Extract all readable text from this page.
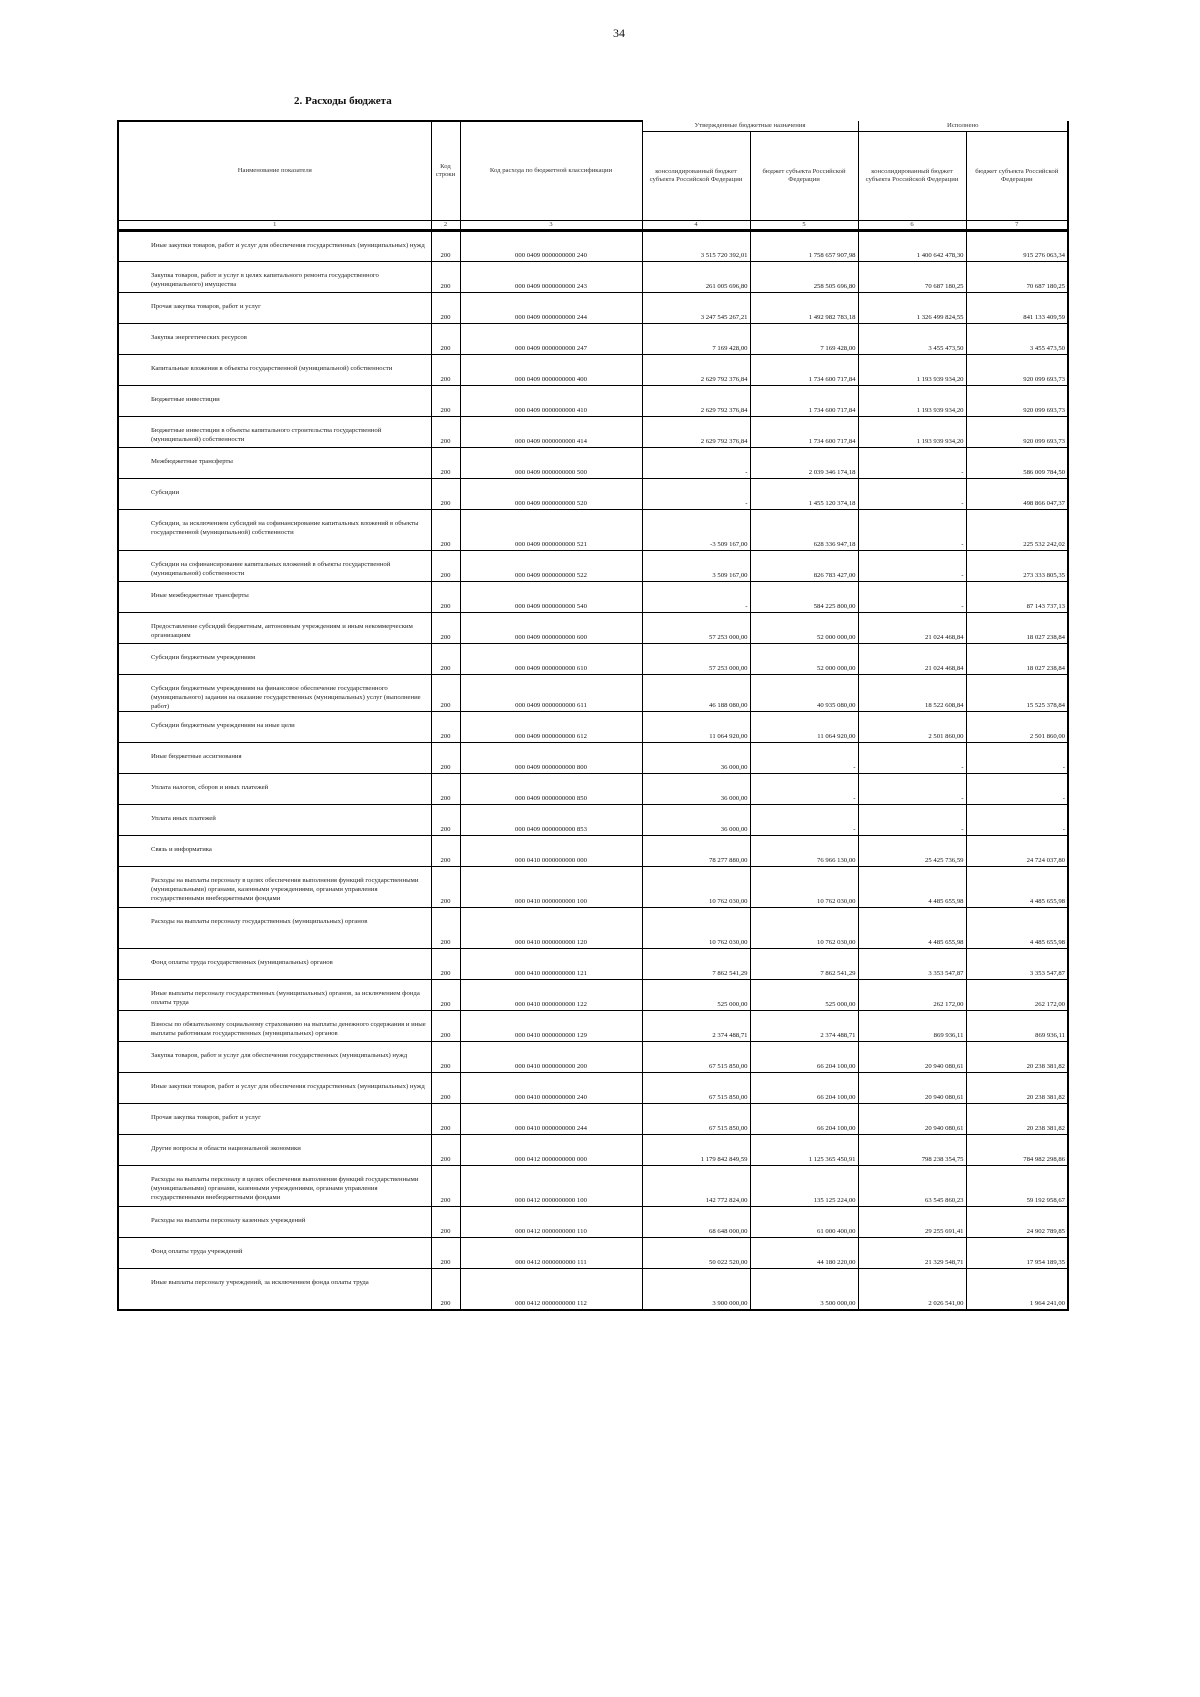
34
2. Расходы бюджета
Наименование показателя	Код строки	Код расхода по бюджетной классификации	Утвержденные бюджетные назначения		Исполнено	
			консолидированный бюджет субъекта Российской Федерации	бюджет субъекта Российской Федерации	консолидированный бюджет субъекта Российской Федерации	бюджет субъекта Российской Федерации
1	2	3	4	5	6	7
Иные закупки товаров, работ и услуг для обеспечения государственных (муниципальных) нужд	200	000 0409 0000000000 240	3 515 720 392,01	1 758 657 907,98	1 400 642 478,30	915 276 063,34
Закупка товаров, работ и услуг в целях капитального ремонта государственного (муниципального) имущества	200	000 0409 0000000000 243	261 005 696,80	258 505 696,80	70 687 180,25	70 687 180,25
Прочая закупка товаров, работ и услуг	200	000 0409 0000000000 244	3 247 545 267,21	1 492 982 783,18	1 326 499 824,55	841 133 409,59
Закупка энергетических ресурсов	200	000 0409 0000000000 247	7 169 428,00	7 169 428,00	3 455 473,50	3 455 473,50
Капитальные вложения в объекты государственной (муниципальной) собственности	200	000 0409 0000000000 400	2 629 792 376,84	1 734 600 717,84	1 193 939 934,20	920 099 693,73
Бюджетные инвестиции	200	000 0409 0000000000 410	2 629 792 376,84	1 734 600 717,84	1 193 939 934,20	920 099 693,73
Бюджетные инвестиции в объекты капитального строительства государственной (муниципальной) собственности	200	000 0409 0000000000 414	2 629 792 376,84	1 734 600 717,84	1 193 939 934,20	920 099 693,73
Межбюджетные трансферты	200	000 0409 0000000000 500	-	2 039 346 174,18	-	586 009 784,50
Субсидии	200	000 0409 0000000000 520	-	1 455 120 374,18	-	498 866 047,37
Субсидии, за исключением субсидий на софинансирование капитальных вложений в объекты государственной (муниципальной) собственности	200	000 0409 0000000000 521	-3 509 167,00	628 336 947,18	-	225 532 242,02
Субсидии на софинансирование капитальных вложений в объекты государственной (муниципальной) собственности	200	000 0409 0000000000 522	3 509 167,00	826 783 427,00	-	273 333 805,35
Иные межбюджетные трансферты	200	000 0409 0000000000 540	-	584 225 800,00	-	87 143 737,13
Предоставление субсидий бюджетным, автономным учреждениям и иным некоммерческим организациям	200	000 0409 0000000000 600	57 253 000,00	52 000 000,00	21 024 468,84	18 027 238,84
Субсидии бюджетным учреждениям	200	000 0409 0000000000 610	57 253 000,00	52 000 000,00	21 024 468,84	18 027 238,84
Субсидии бюджетным учреждениям на финансовое обеспечение государственного (муниципального) задания на оказание государственных (муниципальных) услуг (выполнение работ)	200	000 0409 0000000000 611	46 188 080,00	40 935 080,00	18 522 608,84	15 525 378,84
Субсидии бюджетным учреждениям на иные цели	200	000 0409 0000000000 612	11 064 920,00	11 064 920,00	2 501 860,00	2 501 860,00
Иные бюджетные ассигнования	200	000 0409 0000000000 800	36 000,00	-	-	-
Уплата налогов, сборов и иных платежей	200	000 0409 0000000000 850	36 000,00	-	-	-
Уплата иных платежей	200	000 0409 0000000000 853	36 000,00	-	-	-
Связь и информатика	200	000 0410 0000000000 000	78 277 880,00	76 966 130,00	25 425 736,59	24 724 037,80
Расходы на выплаты персоналу в целях обеспечения выполнения функций государственными (муниципальными) органами, казенными учреждениями, органами управления государственными внебюджетными фондами	200	000 0410 0000000000 100	10 762 030,00	10 762 030,00	4 485 655,98	4 485 655,98
Расходы на выплаты персоналу государственных (муниципальных) органов	200	000 0410 0000000000 120	10 762 030,00	10 762 030,00	4 485 655,98	4 485 655,98
Фонд оплаты труда государственных (муниципальных) органов	200	000 0410 0000000000 121	7 862 541,29	7 862 541,29	3 353 547,87	3 353 547,87
Иные выплаты персоналу государственных (муниципальных) органов, за исключением фонда оплаты труда	200	000 0410 0000000000 122	525 000,00	525 000,00	262 172,00	262 172,00
Взносы по обязательному социальному страхованию на выплаты денежного содержания и иные выплаты работникам государственных (муниципальных) органов	200	000 0410 0000000000 129	2 374 488,71	2 374 488,71	869 936,11	869 936,11
Закупка товаров, работ и услуг для обеспечения государственных (муниципальных) нужд	200	000 0410 0000000000 200	67 515 850,00	66 204 100,00	20 940 080,61	20 238 381,82
Иные закупки товаров, работ и услуг для обеспечения государственных (муниципальных) нужд	200	000 0410 0000000000 240	67 515 850,00	66 204 100,00	20 940 080,61	20 238 381,82
Прочая закупка товаров, работ и услуг	200	000 0410 0000000000 244	67 515 850,00	66 204 100,00	20 940 080,61	20 238 381,82
Другие вопросы в области национальной экономики	200	000 0412 0000000000 000	1 179 842 849,59	1 125 365 450,91	798 238 354,75	784 982 298,86
Расходы на выплаты персоналу в целях обеспечения выполнения функций государственными (муниципальными) органами, казенными учреждениями, органами управления государственными внебюджетными фондами	200	000 0412 0000000000 100	142 772 824,00	135 125 224,00	63 545 860,23	59 192 958,67
Расходы на выплаты персоналу казенных учреждений	200	000 0412 0000000000 110	68 648 000,00	61 000 400,00	29 255 691,41	24 902 789,85
Фонд оплаты труда учреждений	200	000 0412 0000000000 111	50 022 520,00	44 180 220,00	21 329 548,71	17 954 189,35
Иные выплаты персоналу учреждений, за исключением фонда оплаты труда	200	000 0412 0000000000 112	3 900 000,00	3 500 000,00	2 026 541,00	1 964 241,00
